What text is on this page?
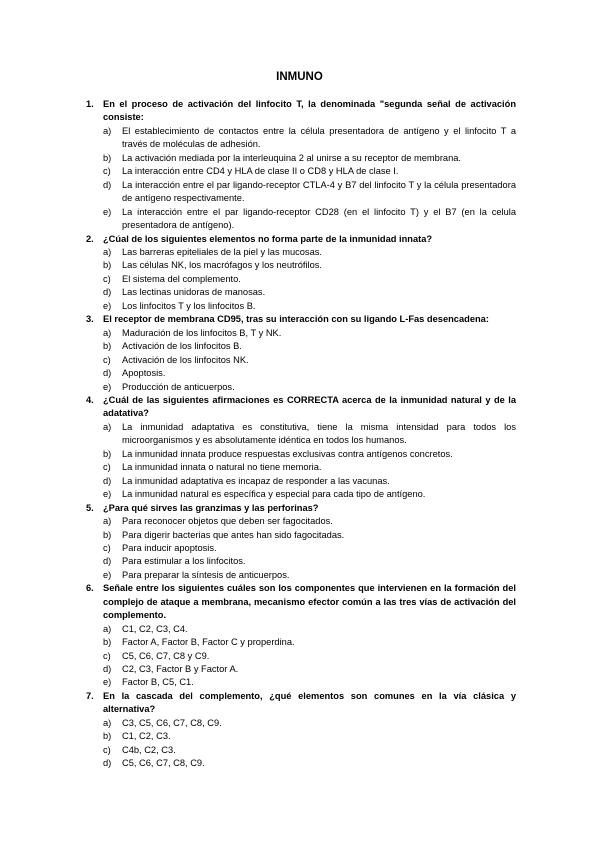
INMUNO
1. En el proceso de activación del linfocito T, la denominada "segunda señal de activación consiste:
a)	El establecimiento de contactos entre la célula presentadora de antígeno y el linfocito T a través de moléculas de adhesión.
b)	La activación mediada por la interleuquina 2 al unirse a su receptor de membrana.
c)	La interacción entre CD4 y HLA de clase II o CD8 y HLA de clase I.
d)	La interacción entre el par ligando-receptor CTLA-4 y B7 del linfocito T y la célula presentadora de antígeno respectivamente.
e)	La interacción entre el par ligando-receptor CD28 (en el linfocito T) y el B7 (en la celula presentadora de antígeno).
2. ¿Cúal de los siguientes elementos no forma parte de la inmunidad innata?
a)	Las barreras epiteliales de la piel y las mucosas.
b)	Las células NK, los macrófagos y los neutrófilos.
c)	El sistema del complemento.
d)	Las lectinas unidoras de manosas.
e)	Los linfocitos T y los linfocitos B.
3. El receptor de membrana CD95, tras su interacción con su ligando L-Fas desencadena:
a)	Maduración de los linfocitos B, T y NK.
b)	Activación de los linfocitos B.
c)	Activación de los linfocitos NK.
d)	Apoptosis.
e)	Producción de anticuerpos.
4. ¿Cuál de las siguientes afirmaciones es CORRECTA acerca de la inmunidad natural y de la adatativa?
a)	La inmunidad adaptativa es constitutiva, tiene la misma intensidad para todos los microorganismos y es absolutamente idéntica en todos los humanos.
b)	La inmunidad innata produce respuestas exclusivas contra antígenos concretos.
c)	La inmunidad innata o natural no tiene memoria.
d)	La inmunidad adaptativa es incapaz de responder a las vacunas.
e)	La inmunidad natural es específica y especial para cada tipo de antígeno.
5. ¿Para qué sirves las granzimas y las perforinas?
a)	Para reconocer objetos que deben ser fagocitados.
b)	Para digerir bacterias que antes han sido fagocitadas.
c)	Para inducir apoptosis.
d)	Para estimular a los linfocitos.
e)	Para preparar la síntesis de anticuerpos.
6. Señale entre los siguientes cuáles son los componentes que intervienen en la formación del complejo de ataque a membrana, mecanismo efector común a las tres vías de activación del complemento.
a)	C1, C2, C3, C4.
b)	Factor A, Factor B, Factor C y properdina.
c)	C5, C6, C7, C8 y C9.
d)	C2, C3, Factor B y Factor A.
e)	Factor B, C5, C1.
7. En la cascada del complemento, ¿qué elementos son comunes en la vía clásica y alternativa?
a)	C3, C5, C6, C7, C8, C9.
b)	C1, C2, C3.
c)	C4b, C2, C3.
d)	C5, C6, C7, C8, C9.
